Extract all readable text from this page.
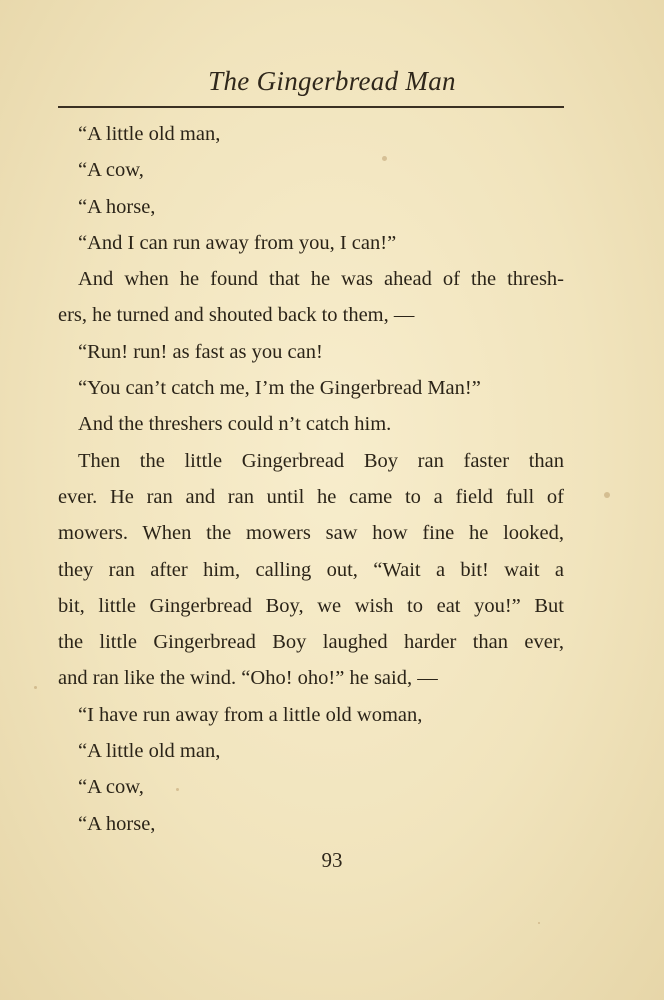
The Gingerbread Man
“A little old man,
“A cow,
“A horse,
“And I can run away from you, I can!”
And when he found that he was ahead of the thresh-
ers, he turned and shouted back to them, —
“Run! run! as fast as you can!
“You can’t catch me, I’m the Gingerbread Man!”
And the threshers could n’t catch him.
Then the little Gingerbread Boy ran faster than
ever. He ran and ran until he came to a field full of
mowers. When the mowers saw how fine he looked,
they ran after him, calling out, “Wait a bit! wait a
bit, little Gingerbread Boy, we wish to eat you!” But
the little Gingerbread Boy laughed harder than ever,
and ran like the wind. “Oho! oho!” he said, —
“I have run away from a little old woman,
“A little old man,
“A cow,
“A horse,
93
